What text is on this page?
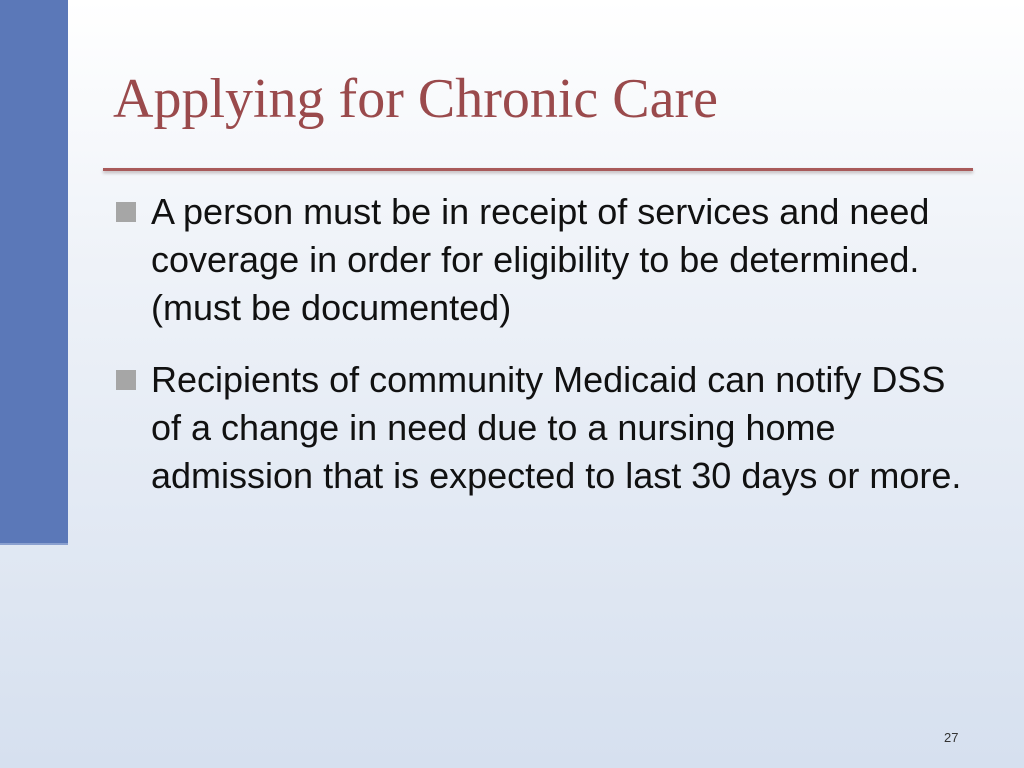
Applying for Chronic Care
A person must be in receipt of services and need coverage in order for eligibility to be determined. (must be documented)
Recipients of community Medicaid can notify DSS of a change in need due to a nursing home admission that is expected to last 30 days or more.
27
